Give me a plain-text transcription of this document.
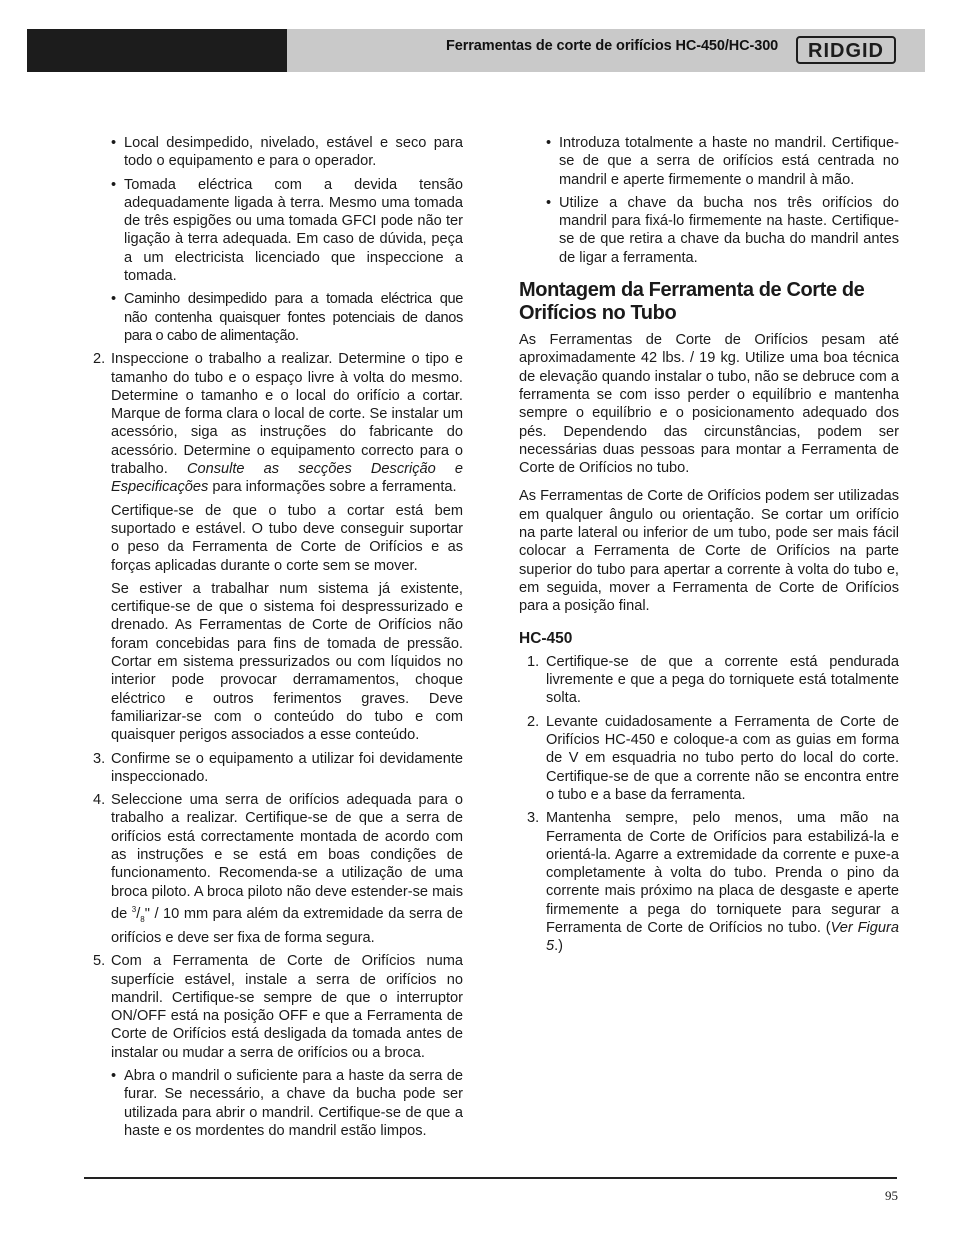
Ferramentas de corte de orifícios HC-450/HC-300	RIDGID
• Local desimpedido, nivelado, estável e seco para todo o equipamento e para o operador.
• Tomada eléctrica com a devida tensão adequadamente ligada à terra. Mesmo uma tomada de três espigões ou uma tomada GFCI pode não ter ligação à terra adequada. Em caso de dúvida, peça a um electricista licenciado que inspeccione a tomada.
• Caminho desimpedido para a tomada eléctrica que não contenha quaisquer fontes potenciais de danos para o cabo de alimentação.
2. Inspeccione o trabalho a realizar. Determine o tipo e tamanho do tubo e o espaço livre à volta do mesmo. Determine o tamanho e o local do orifício a cortar. Marque de forma clara o local de corte. Se instalar um acessório, siga as instruções do fabricante do acessório. Determine o equipamento correcto para o trabalho. Consulte as secções Descrição e Especificações para informações sobre a ferramenta.
Certifique-se de que o tubo a cortar está bem suportado e estável. O tubo deve conseguir suportar o peso da Ferramenta de Corte de Orifícios e as forças aplicadas durante o corte sem se mover.
Se estiver a trabalhar num sistema já existente, certifique-se de que o sistema foi despressurizado e drenado. As Ferramentas de Corte de Orifícios não foram concebidas para fins de tomada de pressão. Cortar em sistema pressurizados ou com líquidos no interior pode provocar derramamentos, choque eléctrico e outros ferimentos graves. Deve familiarizar-se com o conteúdo do tubo e com quaisquer perigos associados a esse conteúdo.
3. Confirme se o equipamento a utilizar foi devidamente inspeccionado.
4. Seleccione uma serra de orifícios adequada para o trabalho a realizar. Certifique-se de que a serra de orifícios está correctamente montada de acordo com as instruções e se está em boas condições de funcionamento. Recomenda-se a utilização de uma broca piloto. A broca piloto não deve estender-se mais de $^3/_8$" / 10 mm para além da extremidade da serra de orifícios e deve ser fixa de forma segura.
5. Com a Ferramenta de Corte de Orifícios numa superfície estável, instale a serra de orifícios no mandril. Certifique-se sempre de que o interruptor ON/OFF está na posição OFF e que a Ferramenta de Corte de Orifícios está desligada da tomada antes de instalar ou mudar a serra de orifícios ou a broca.
• Abra o mandril o suficiente para a haste da serra de furar. Se necessário, a chave da bucha pode ser utilizada para abrir o mandril. Certifique-se de que a haste e os mordentes do mandril estão limpos.
• Introduza totalmente a haste no mandril. Certifique-se de que a serra de orifícios está centrada no mandril e aperte firmemente o mandril à mão.
• Utilize a chave da bucha nos três orifícios do mandril para fixá-lo firmemente na haste. Certifique-se de que retira a chave da bucha do mandril antes de ligar a ferramenta.
Montagem da Ferramenta de Corte de Orifícios no Tubo
As Ferramentas de Corte de Orifícios pesam até aproximadamente 42 lbs. / 19 kg. Utilize uma boa técnica de elevação quando instalar o tubo, não se debruce com a ferramenta se com isso perder o equilíbrio e mantenha sempre o equilíbrio e o posicionamento adequado dos pés. Dependendo das circunstâncias, podem ser necessárias duas pessoas para montar a Ferramenta de Corte de Orifícios no tubo.
As Ferramentas de Corte de Orifícios podem ser utilizadas em qualquer ângulo ou orientação. Se cortar um orifício na parte lateral ou inferior de um tubo, pode ser mais fácil colocar a Ferramenta de Corte de Orifícios na parte superior do tubo para apertar a corrente à volta do tubo e, em seguida, mover a Ferramenta de Corte de Orifícios para a posição final.
HC-450
1. Certifique-se de que a corrente está pendurada livremente e que a pega do torniquete está totalmente solta.
2. Levante cuidadosamente a Ferramenta de Corte de Orifícios HC-450 e coloque-a com as guias em forma de V em esquadria no tubo perto do local do corte. Certifique-se de que a corrente não se encontra entre o tubo e a base da ferramenta.
3. Mantenha sempre, pelo menos, uma mão na Ferramenta de Corte de Orifícios para estabilizá-la e orientá-la. Agarre a extremidade da corrente e puxe-a completamente à volta do tubo. Prenda o pino da corrente mais próximo na placa de desgaste e aperte firmemente a pega do torniquete para segurar a Ferramenta de Corte de Orifícios no tubo. (Ver Figura 5.)
95
